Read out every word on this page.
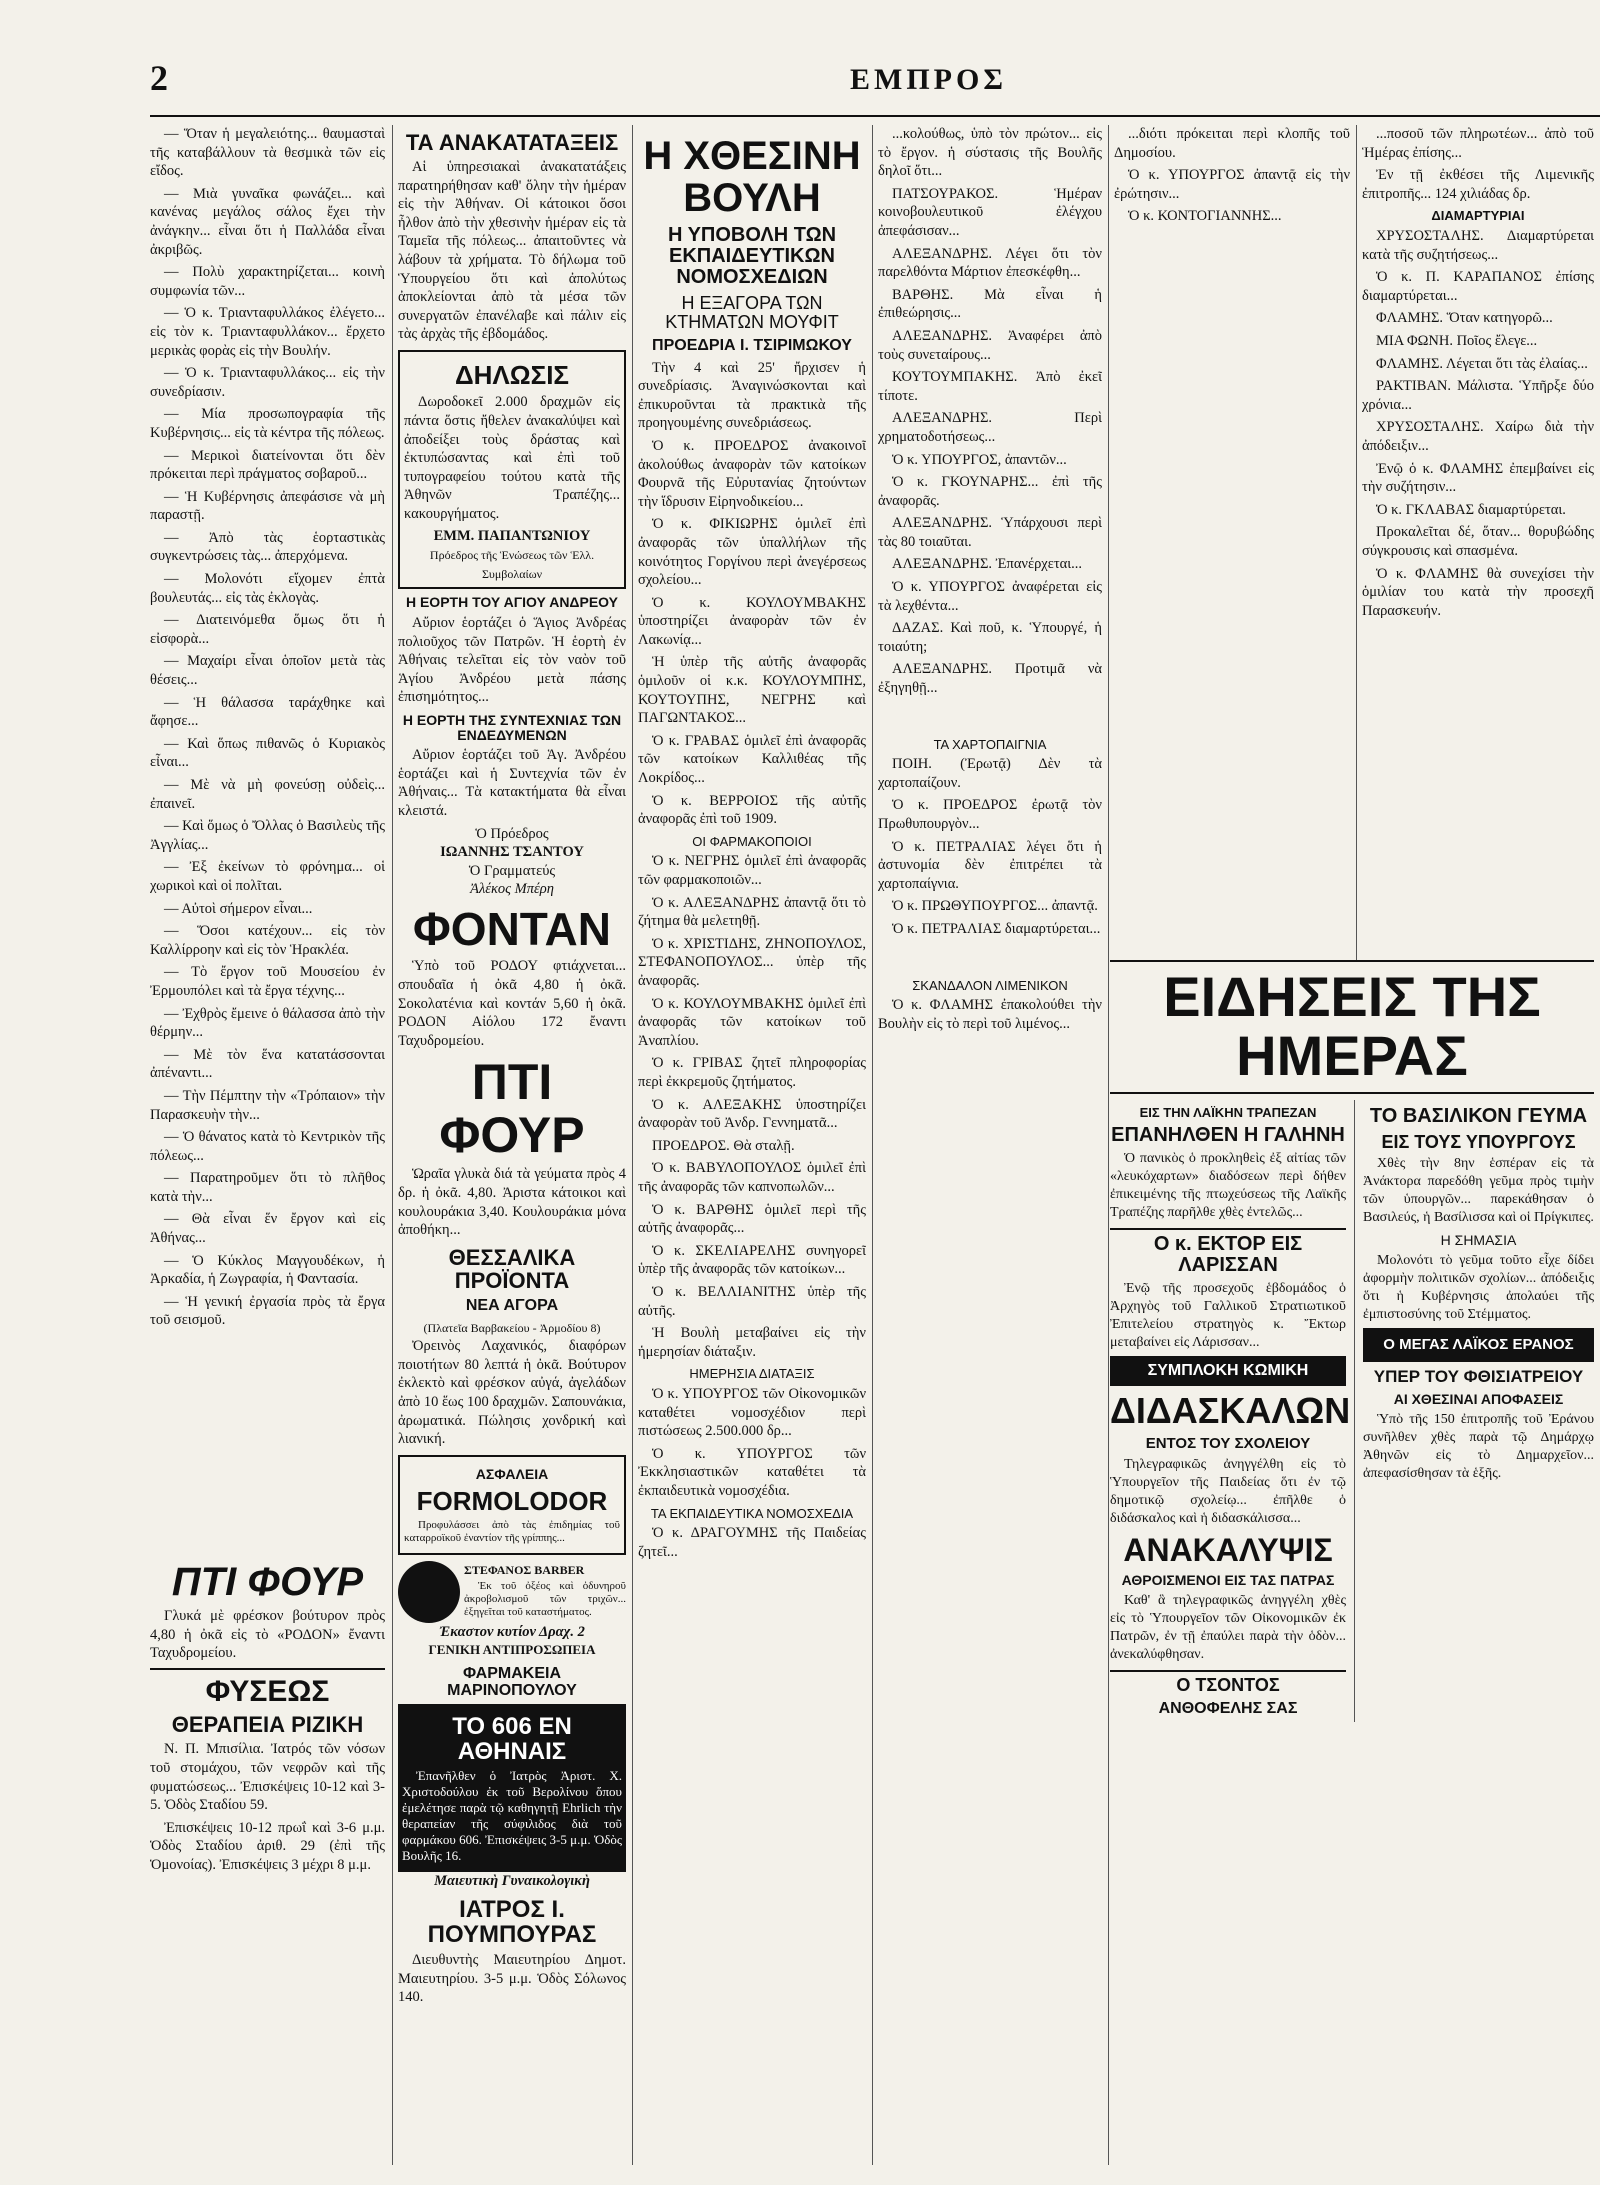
2	ΕΜΠΡΟΣ

— Ὅταν ἡ μεγαλειότης... θαυμασταὶ τῆς καταβάλλουν τὰ θεσμικὰ τῶν εἰς εἴδος.

— Μιὰ γυναῖκα φωνάζει... καὶ κανένας μεγάλος σάλος ἔχει τὴν ἀνάγκην... εἶναι ὅτι ἡ Παλλάδα εἶναι ἀκριβῶς.

— Πολὺ χαρακτηρίζεται... κοινὴ συμφωνία τῶν...

— Ὁ κ. Τριανταφυλλάκος ἐλέγετο... εἰς τὸν κ. Τριανταφυλλάκον... ἔρχετο μερικὰς φορὰς εἰς τὴν Βουλήν.

— Ὁ κ. Τριανταφυλλάκος... εἰς τὴν συνεδρίασιν.

— Μία προσωπογραφία τῆς Κυβέρνησις... εἰς τὰ κέντρα τῆς πόλεως.

— Μερικοὶ διατείνονται ὅτι δὲν πρόκειται περὶ πράγματος σοβαροῦ...

— Ἡ Κυβέρνησις ἀπεφάσισε νὰ μὴ παραστῇ.

— Ἀπὸ τὰς ἑορταστικὰς συγκεντρώσεις τὰς... ἀπερχόμενα.

— Μολονότι εἴχομεν ἐπτὰ βουλευτάς... εἰς τὰς ἐκλογὰς.

— Διατεινόμεθα ὅμως ὅτι ἡ εἰσφορὰ...

— Μαχαίρι εἶναι ὁποῖον μετὰ τὰς θέσεις...

— Ἡ θάλασσα ταράχθηκε καὶ ἄφησε...

— Καὶ ὅπως πιθανῶς ὁ Κυριακὸς εἶναι...

— Μὲ νὰ μὴ φονεύσῃ οὐδεὶς... ἐπαινεῖ.

— Καὶ ὅμως ὁ Ὄλλας ὁ Βασιλεὺς τῆς Ἀγγλίας...

— Ἐξ ἐκείνων τὸ φρόνημα... οἱ χωρικοὶ καὶ οἱ πολῖται.

— Αὐτοὶ σήμερον εἶναι...

— Ὅσοι κατέχουν... εἰς τὸν Καλλίρροην καὶ εἰς τὸν Ἡρακλέα.

— Τὸ ἔργον τοῦ Μουσείου ἐν Ἐρμουπόλει καὶ τὰ ἔργα τέχνης...

— Ἐχθρὸς ἔμεινε ὁ θάλασσα ἀπὸ τὴν θέρμην...

— Μὲ τὸν ἕνα κατατάσσονται ἀπέναντι...

— Τὴν Πέμπτην τὴν «Τρόπαιον» τὴν Παρασκευὴν τὴν...

— Ὁ θάνατος κατὰ τὸ Κεντρικὸν τῆς πόλεως...

— Παρατηροῦμεν ὅτι τὸ πλῆθος κατὰ τὴν...

— Θὰ εἶναι ἕν ἔργον καὶ εἰς Ἀθήνας...

— Ὁ Κύκλος Μαγγουδέκων, ἡ Ἀρκαδία, ἡ Ζωγραφία, ἡ Φαντασία.

— Ἡ γενική ἐργασία πρὸς τὰ ἔργα τοῦ σεισμοῦ.

ΠΤΙ ΦΟΥΡ

Γλυκά μὲ φρέσκον βούτυρον πρὸς 4,80 ἡ ὀκᾶ εἰς τὸ «ΡΟΔΟΝ» ἔναντι Ταχυδρομείου.

ΦΥΣΕΩΣ
ΘΕΡΑΠΕΙΑ ΡΙΖΙΚΗ

Ν. Π. Μπισίλια. Ἰατρός τῶν νόσων τοῦ στομάχου, τῶν νεφρῶν καὶ τῆς φυματώσεως... Ἐπισκέψεις 10-12 καὶ 3-5. Ὁδὸς Σταδίου 59.

Ἐπισκέψεις 10-12 πρωΐ καὶ 3-6 μ.μ. Ὁδὸς Σταδίου ἀριθ. 29 (ἐπὶ τῆς Ὁμονοίας). Ἐπισκέψεις 3 μέχρι 8 μ.μ.

ΤΑ ΑΝΑΚΑΤΑΤΑΞΕΙΣ

Αἱ ὑπηρεσιακαὶ ἀνακατατάξεις παρατηρήθησαν καθ' ὅλην τὴν ἡμέραν εἰς τὴν Ἀθήναν. Οἱ κάτοικοι ὅσοι ἦλθον ἀπὸ τὴν χθεσινὴν ἡμέραν εἰς τὰ Ταμεῖα τῆς πόλεως... ἀπαιτοῦντες νὰ λάβουν τὰ χρήματα. Τὸ δήλωμα τοῦ Ὑπουργείου ὅτι καὶ ἀπολύτως ἀποκλείονται ἀπὸ τὰ μέσα τῶν συνεργατῶν ἐπανέλαβε καὶ πάλιν εἰς τὰς ἀρχὰς τῆς ἐβδομάδος.

ΔΗΛΩΣΙΣ

Δωροδοκεῖ 2.000 δραχμῶν εἰς πάντα ὅστις ἤθελεν ἀνακαλύψει καὶ ἀποδείξει τοὺς δράστας καὶ ἐκτυπώσαντας καὶ ἐπὶ τοῦ τυπογραφείου τούτου κατὰ τῆς Ἀθηνῶν Τραπέζης... κακουργήματος.

ΕΜΜ. ΠΑΠΑΝΤΩΝΙΟΥ
Πρόεδρος τῆς Ἑνώσεως τῶν Ἑλλ. Συμβολαίων
Η ΕΟΡΤΗ ΤΟΥ ΑΓΙΟΥ ΑΝΔΡΕΟΥ

Αὔριον ἑορτάζει ὁ Ἅγιος Ἀνδρέας πολιοῦχος τῶν Πατρῶν. Ἡ ἑορτὴ ἐν Ἀθήναις τελεῖται εἰς τὸν ναὸν τοῦ Ἁγίου Ἀνδρέου μετὰ πάσης ἐπισημότητος...

Η ΕΟΡΤΗ ΤΗΣ ΣΥΝΤΕΧΝΙΑΣ ΤΩΝ ΕΝΔΕΔΥΜΕΝΩΝ

Αὔριον ἑορτάζει τοῦ Ἁγ. Ἀνδρέου ἑορτάζει καὶ ἡ Συντεχνία τῶν ἐν Ἀθήναις... Τὰ κατακτήματα θὰ εἶναι κλειστά.

Ὁ Πρόεδρος
ΙΩΑΝΝΗΣ ΤΣΑΝΤΟΥ
Ὁ Γραμματεύς
Ἀλέκος Μπέρη
ΦΟΝΤΑΝ

Ὑπὸ τοῦ ΡΟΔΟΥ φτιάχνεται... σπουδαῖα ἡ ὀκᾶ 4,80 ἡ ὀκᾶ. Σοκολατένια καὶ κοντάν 5,60 ἡ ὀκᾶ. ΡΟΔΟΝ Αἰόλου 172 ἔναντι Ταχυδρομείου.

ΠΤΙ ΦΟΥΡ

Ὡραῖα γλυκὰ διά τὰ γεύματα πρὸς 4 δρ. ἡ ὀκᾶ. 4,80. Ἀριστα κάτοικοι καὶ κουλουράκια 3,40. Κουλουράκια μόνα ἀποθήκη...

ΘΕΣΣΑΛΙΚΑ ΠΡΟΪΟΝΤΑ
ΝΕΑ ΑΓΟΡΑ
(Πλατεῖα Βαρβακείου - Ἀρμοδίου 8)

Ὀρεινὸς Λαχανικός, διαφόρων ποιοτήτων 80 λεπτά ἡ ὀκᾶ. Βούτυρον ἐκλεκτὸ καὶ φρέσκον αὐγά, ἀγελάδων ἀπὸ 10 ἕως 100 δραχμῶν. Σαπουνάκια, ἀρωματικά. Πώλησις χονδρική καὶ λιανική.

ΑΣΦΑΛΕΙΑ
FORMOLODOR

Προφυλάσσει ἀπὸ τὰς ἐπιδημίας τοῦ καταρροϊκοῦ ἐναντίον τῆς γρίππης...

ΣΤΕΦΑΝΟΣ BARBER

Ἐκ τοῦ ὀξέος καὶ ὀδυνηροῦ ἀκροβολισμοῦ τῶν τριχῶν... ἐξηγεῖται τοῦ καταστήματος.

Ἐκαστον κυτίον Δραχ. 2
ΓΕΝΙΚΗ ΑΝΤΙΠΡΟΣΩΠΕΙΑ
ΦΑΡΜΑΚΕΙΑ ΜΑΡΙΝΟΠΟΥΛΟΥ
ΤΟ 606 ΕΝ ΑΘΗΝΑΙΣ

Ἐπανῆλθεν ὁ Ἰατρὸς Ἀριστ. Χ. Χριστοδούλου ἐκ τοῦ Βερολίνου ὅπου ἐμελέτησε παρὰ τῷ καθηγητῇ Ehrlich τὴν θεραπείαν τῆς σύφιλιδος διὰ τοῦ φαρμάκου 606. Ἐπισκέψεις 3-5 μ.μ. Ὁδὸς Βουλῆς 16.

Μαιευτικὴ Γυναικολογικὴ
ΙΑΤΡΟΣ Ι. ΠΟΥΜΠΟΥΡΑΣ

Διευθυντὴς Μαιευτηρίου Δημοτ. Μαιευτηρίου. 3-5 μ.μ. Ὁδὸς Σόλωνος 140.

Η ΧΘΕΣΙΝΗ ΒΟΥΛΗ
Η ΥΠΟΒΟΛΗ ΤΩΝ ΕΚΠΑΙΔΕΥΤΙΚΩΝ ΝΟΜΟΣΧΕΔΙΩΝ
Η ΕΞΑΓΟΡΑ ΤΩΝ ΚΤΗΜΑΤΩΝ ΜΟΥΦΙΤ
ΠΡΟΕΔΡΙΑ Ι. ΤΣΙΡΙΜΩΚΟΥ

Τὴν 4 καὶ 25' ἤρχισεν ἡ συνεδρίασις. Ἀναγινώσκονται καὶ ἐπικυροῦνται τὰ πρακτικὰ τῆς προηγουμένης συνεδριάσεως.

Ὁ κ. ΠΡΟΕΔΡΟΣ ἀνακοινοῖ ἀκολούθως ἀναφορὰν τῶν κατοίκων Φουρνᾶ τῆς Εὐρυτανίας ζητούντων τὴν ἵδρυσιν Εἰρηνοδικείου...

Ὁ κ. ΦΙΚΙΩΡΗΣ ὁμιλεῖ ἐπὶ ἀναφορᾶς τῶν ὑπαλλήλων τῆς κοινότητος Γοργίνου περὶ ἀνεγέρσεως σχολείου...

Ὁ κ. ΚΟΥΛΟΥΜΒΑΚΗΣ ὑποστηρίζει ἀναφορὰν τῶν ἐν Λακωνίᾳ...

Ἡ ὑπὲρ τῆς αὐτῆς ἀναφορᾶς ὁμιλοῦν οἱ κ.κ. ΚΟΥΛΟΥΜΠΗΣ, ΚΟΥΤΟΥΠΗΣ, ΝΕΓΡΗΣ καὶ ΠΑΓΩΝΤΑΚΟΣ...

Ὁ κ. ΓΡΑΒΑΣ ὁμιλεῖ ἐπὶ ἀναφορᾶς τῶν κατοίκων Καλλιθέας τῆς Λοκρίδος...

Ὁ κ. ΒΕΡΡΟΙΟΣ τῆς αὐτῆς ἀναφορᾶς ἐπὶ τοῦ 1909.

ΟΙ ΦΑΡΜΑΚΟΠΟΙΟΙ

Ὁ κ. ΝΕΓΡΗΣ ὁμιλεῖ ἐπὶ ἀναφορᾶς τῶν φαρμακοποιῶν...

Ὁ κ. ΑΛΕΞΑΝΔΡΗΣ ἀπαντᾷ ὅτι τὸ ζήτημα θὰ μελετηθῇ.

Ὁ κ. ΧΡΙΣΤΙΔΗΣ, ΖΗΝΟΠΟΥΛΟΣ, ΣΤΕΦΑΝΟΠΟΥΛΟΣ... ὑπὲρ τῆς ἀναφορᾶς.

Ὁ κ. ΚΟΥΛΟΥΜΒΑΚΗΣ ὁμιλεῖ ἐπὶ ἀναφορᾶς τῶν κατοίκων τοῦ Ἀναπλίου.

Ὁ κ. ΓΡΙΒΑΣ ζητεῖ πληροφορίας περὶ ἐκκρεμοῦς ζητήματος.

Ὁ κ. ΑΛΕΞΑΚΗΣ ὑποστηρίζει ἀναφορὰν τοῦ Ἀνδρ. Γεννηματᾶ...

ΠΡΟΕΔΡΟΣ. Θὰ σταλῇ.

Ὁ κ. ΒΑΒΥΛΟΠΟΥΛΟΣ ὁμιλεῖ ἐπὶ τῆς ἀναφορᾶς τῶν καπνοπωλῶν...

Ὁ κ. ΒΑΡΘΗΣ ὁμιλεῖ περὶ τῆς αὐτῆς ἀναφορᾶς...

Ὁ κ. ΣΚΕΛΙΑΡΕΛΗΣ συνηγορεῖ ὑπὲρ τῆς ἀναφορᾶς τῶν κατοίκων...

Ὁ κ. ΒΕΛΛΙΑΝΙΤΗΣ ὑπὲρ τῆς αὐτῆς.

Ἡ Βουλὴ μεταβαίνει εἰς τὴν ἡμερησίαν διάταξιν.

ΗΜΕΡΗΣΙΑ ΔΙΑΤΑΞΙΣ

Ὁ κ. ΥΠΟΥΡΓΟΣ τῶν Οἰκονομικῶν καταθέτει νομοσχέδιον περὶ πιστώσεως 2.500.000 δρ...

Ὁ κ. ΥΠΟΥΡΓΟΣ τῶν Ἐκκλησιαστικῶν καταθέτει τὰ ἐκπαιδευτικὰ νομοσχέδια.

ΤΑ ΕΚΠΑΙΔΕΥΤΙΚΑ ΝΟΜΟΣΧΕΔΙΑ

Ὁ κ. ΔΡΑΓΟΥΜΗΣ τῆς Παιδείας ζητεῖ...

...κολούθως, ὑπὸ τὸν πρώτον... εἰς τὸ ἔργον. ἡ σύστασις τῆς Βουλῆς δηλοῖ ὅτι...

ΠΑΤΣΟΥΡΑΚΟΣ. Ἡμέραν κοινοβουλευτικοῦ ἐλέγχου ἀπεφάσισαν...

ΑΛΕΞΑΝΔΡΗΣ. Λέγει ὅτι τὸν παρελθόντα Μάρτιον ἐπεσκέφθη...

ΒΑΡΘΗΣ. Μὰ εἶναι ἡ ἐπιθεώρησις...

ΑΛΕΞΑΝΔΡΗΣ. Ἀναφέρει ἀπὸ τοὺς συνεταίρους...

ΚΟΥΤΟΥΜΠΑΚΗΣ. Ἀπὸ ἐκεῖ τίποτε.

ΑΛΕΞΑΝΔΡΗΣ. Περὶ χρηματοδοτήσεως...

Ὁ κ. ΥΠΟΥΡΓΟΣ, ἀπαντῶν...

Ὁ κ. ΓΚΟΥΝΑΡΗΣ... ἐπὶ τῆς ἀναφορᾶς.

ΑΛΕΞΑΝΔΡΗΣ. Ὑπάρχουσι περὶ τὰς 80 τοιαῦται.

ΑΛΕΞΑΝΔΡΗΣ. Ἐπανέρχεται...

Ὁ κ. ΥΠΟΥΡΓΟΣ ἀναφέρεται εἰς τὰ λεχθέντα...

ΔΑΖΑΣ. Καὶ ποῦ, κ. Ὑπουργέ, ἡ τοιαύτη;

ΑΛΕΞΑΝΔΡΗΣ. Προτιμᾶ νὰ ἐξηγηθῇ...

ΤΑ ΧΑΡΤΟΠΑΙΓΝΙΑ

ΠΟΙΗ. (Ἐρωτᾷ) Δὲν τὰ χαρτοπαίζουν.

Ὁ κ. ΠΡΟΕΔΡΟΣ ἐρωτᾷ τὸν Πρωθυπουργὸν...

Ὁ κ. ΠΕΤΡΑΛΙΑΣ λέγει ὅτι ἡ ἀστυνομία δὲν ἐπιτρέπει τὰ χαρτοπαίγνια.

Ὁ κ. ΠΡΩΘΥΠΟΥΡΓΟΣ... ἀπαντᾷ.

Ὁ κ. ΠΕΤΡΑΛΙΑΣ διαμαρτύρεται...

ΣΚΑΝΔΑΛΟΝ ΛΙΜΕΝΙΚΟΝ

Ὁ κ. ΦΛΑΜΗΣ ἐπακολούθει τὴν Βουλὴν εἰς τὸ περὶ τοῦ λιμένος...

...διότι πρόκειται περὶ κλοπῆς τοῦ Δημοσίου.

Ὁ κ. ΥΠΟΥΡΓΟΣ ἀπαντᾷ εἰς τὴν ἐρώτησιν...

Ὁ κ. ΚΟΝΤΟΓΙΑΝΝΗΣ...

...ποσοῦ τῶν πληρωτέων... ἀπὸ τοῦ Ἡμέρας ἐπίσης...

Ἐν τῇ ἐκθέσει τῆς Λιμενικῆς ἐπιτροπῆς... 124 χιλιάδας δρ.

ΔΙΑΜΑΡΤΥΡΙΑΙ

ΧΡΥΣΟΣΤΑΛΗΣ. Διαμαρτύρεται κατὰ τῆς συζητήσεως...

Ὁ κ. Π. ΚΑΡΑΠΑΝΟΣ ἐπίσης διαμαρτύρεται...

ΦΛΑΜΗΣ. Ὅταν κατηγορῶ...

ΜΙΑ ΦΩΝΗ. Ποῖος ἔλεγε...

ΦΛΑΜΗΣ. Λέγεται ὅτι τὰς ἐλαίας...

ΡΑΚΤΙΒΑΝ. Μάλιστα. Ὑπῆρξε δύο χρόνια...

ΧΡΥΣΟΣΤΑΛΗΣ. Χαίρω διὰ τὴν ἀπόδειξιν...

Ἐνῷ ὁ κ. ΦΛΑΜΗΣ ἐπεμβαίνει εἰς τὴν συζήτησιν...

Ὁ κ. ΓΚΛΑΒΑΣ διαμαρτύρεται.

Προκαλεῖται δέ, ὅταν... θορυβώδης σύγκρουσις καὶ σπασμένα.

Ὁ κ. ΦΛΑΜΗΣ θὰ συνεχίσει τὴν ὁμιλίαν του κατὰ τὴν προσεχῆ Παρασκευήν.

ΕΙΔΗΣΕΙΣ ΤΗΣ ΗΜΕΡΑΣ
ΕΙΣ ΤΗΝ ΛΑΪΚΗΝ ΤΡΑΠΕΖΑΝ
ΕΠΑΝΗΛΘΕΝ Η ΓΑΛΗΝΗ

Ὁ πανικὸς ὁ προκληθεὶς ἐξ αἰτίας τῶν «λευκόχαρτων» διαδόσεων περὶ δήθεν ἐπικειμένης τῆς πτωχεύσεως τῆς Λαϊκῆς Τραπέζης παρῆλθε χθὲς ἐντελῶς...

Ο κ. ΕΚΤΟΡ ΕΙΣ ΛΑΡΙΣΣΑΝ

Ἐνῷ τῆς προσεχοῦς ἑβδομάδος ὁ Ἀρχηγὸς τοῦ Γαλλικοῦ Στρατιωτικοῦ Ἐπιτελείου στρατηγὸς κ. Ἔκτωρ μεταβαίνει εἰς Λάρισσαν...

ΣΥΜΠΛΟΚΗ ΚΩΜΙΚΗ
ΔΙΔΑΣΚΑΛΩΝ
ΕΝΤΟΣ ΤΟΥ ΣΧΟΛΕΙΟΥ

Τηλεγραφικῶς ἀνηγγέλθη εἰς τὸ Ὑπουργεῖον τῆς Παιδείας ὅτι ἐν τῷ δημοτικῷ σχολείῳ... ἐπῆλθε ὁ διδάσκαλος καὶ ἡ διδασκάλισσα...

ΑΝΑΚΑΛΥΨΙΣ
ΑΘΡΟΙΣΜΕΝΟΙ ΕΙΣ ΤΑΣ ΠΑΤΡΑΣ

Καθ' ἃ τηλεγραφικῶς ἀνηγγέλη χθὲς εἰς τὸ Ὑπουργεῖον τῶν Οἰκονομικῶν ἐκ Πατρῶν, ἐν τῇ ἐπαύλει παρὰ τὴν ὁδὸν... ἀνεκαλύφθησαν.

Ο ΤΣΟΝΤΟΣ
ΑΝΘΟΦΕΛΗΣ ΣΑΣ
ΤΟ ΒΑΣΙΛΙΚΟΝ ΓΕΥΜΑ
ΕΙΣ ΤΟΥΣ ΥΠΟΥΡΓΟΥΣ

Χθὲς τὴν 8ην ἑσπέραν εἰς τὰ Ἀνάκτορα παρεδόθη γεῦμα πρὸς τιμὴν τῶν ὑπουργῶν... παρεκάθησαν ὁ Βασιλεύς, ἡ Βασίλισσα καὶ οἱ Πρίγκιπες.

Η ΣΗΜΑΣΙΑ

Μολονότι τὸ γεῦμα τοῦτο εἶχε δίδει ἀφορμὴν πολιτικῶν σχολίων... ἀπόδειξις ὅτι ἡ Κυβέρνησις ἀπολαύει τῆς ἐμπιστοσύνης τοῦ Στέμματος.

Ο ΜΕΓΑΣ ΛΑΪΚΟΣ ΕΡΑΝΟΣ
ΥΠΕΡ ΤΟΥ ΦΘΙΣΙΑΤΡΕΙΟΥ
ΑΙ ΧΘΕΣΙΝΑΙ ΑΠΟΦΑΣΕΙΣ

Ὑπὸ τῆς 150 ἐπιτροπῆς τοῦ Ἐράνου συνῆλθεν χθὲς παρὰ τῷ Δημάρχῳ Ἀθηνῶν εἰς τὸ Δημαρχεῖον... ἀπεφασίσθησαν τὰ ἑξῆς.
